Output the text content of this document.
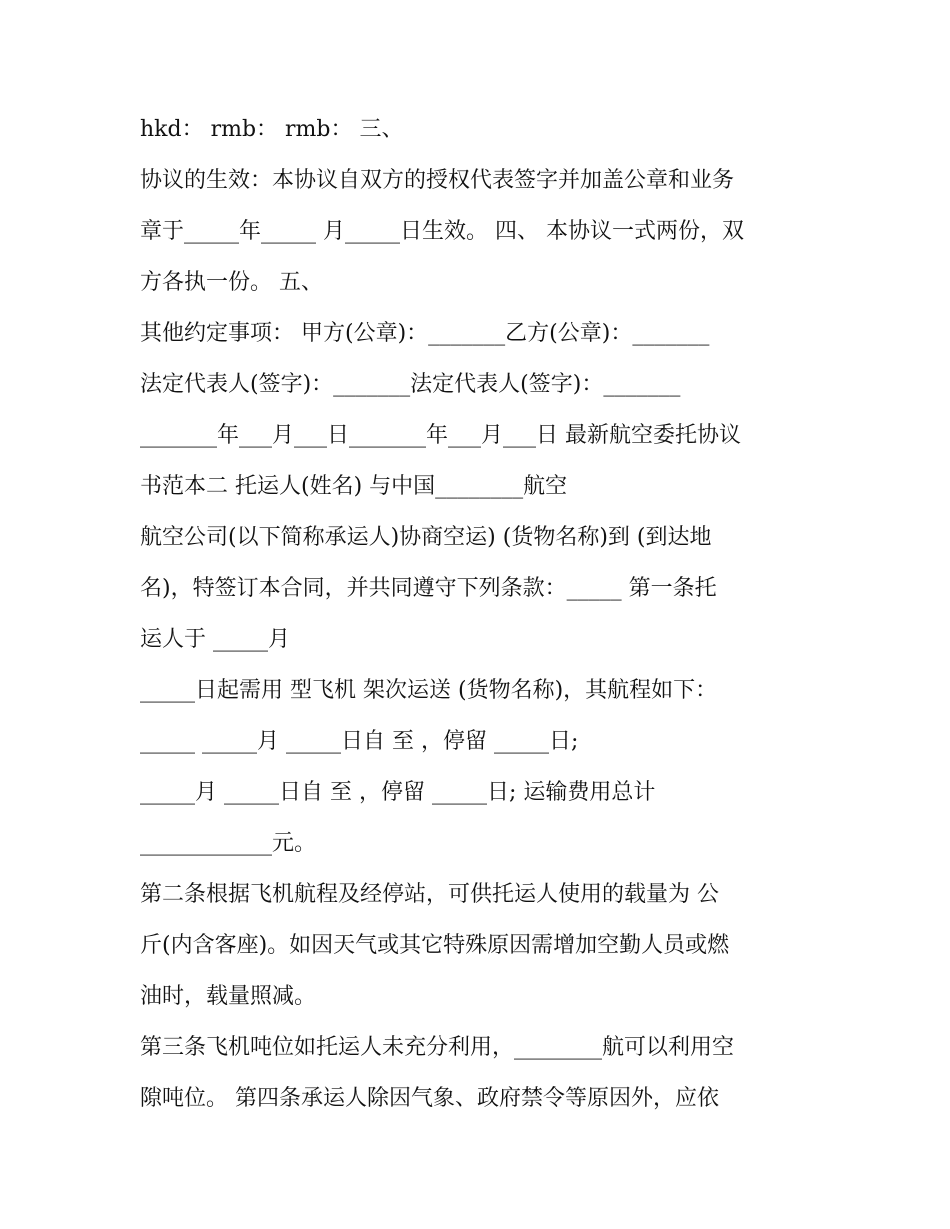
hkd： rmb： rmb： 三、
协议的生效：本协议自双方的授权代表签字并加盖公章和业务
章于_____年_____ 月_____日生效。 四、 本协议一式两份，双
方各执一份。 五、
其他约定事项： 甲方(公章)：_______乙方(公章)：_______
法定代表人(签字)：_______法定代表人(签字)：_______
_______年___月___日_______年___月___日 最新航空委托协议
书范本二 托运人(姓名) 与中国________航空
航空公司(以下简称承运人)协商空运) (货物名称)到 (到达地
名)，特签订本合同，并共同遵守下列条款：_____ 第一条托
运人于 _____月
_____日起需用 型飞机 架次运送 (货物名称)，其航程如下：
_____ _____月 _____日自 至 ，停留 _____日;
_____月 _____日自 至 ，停留 _____日; 运输费用总计
____________元。
第二条根据飞机航程及经停站，可供托运人使用的载量为 公
斤(内含客座)。如因天气或其它特殊原因需增加空勤人员或燃
油时，载量照减。
第三条飞机吨位如托运人未充分利用，________航可以利用空
隙吨位。 第四条承运人除因气象、政府禁令等原因外，应依
